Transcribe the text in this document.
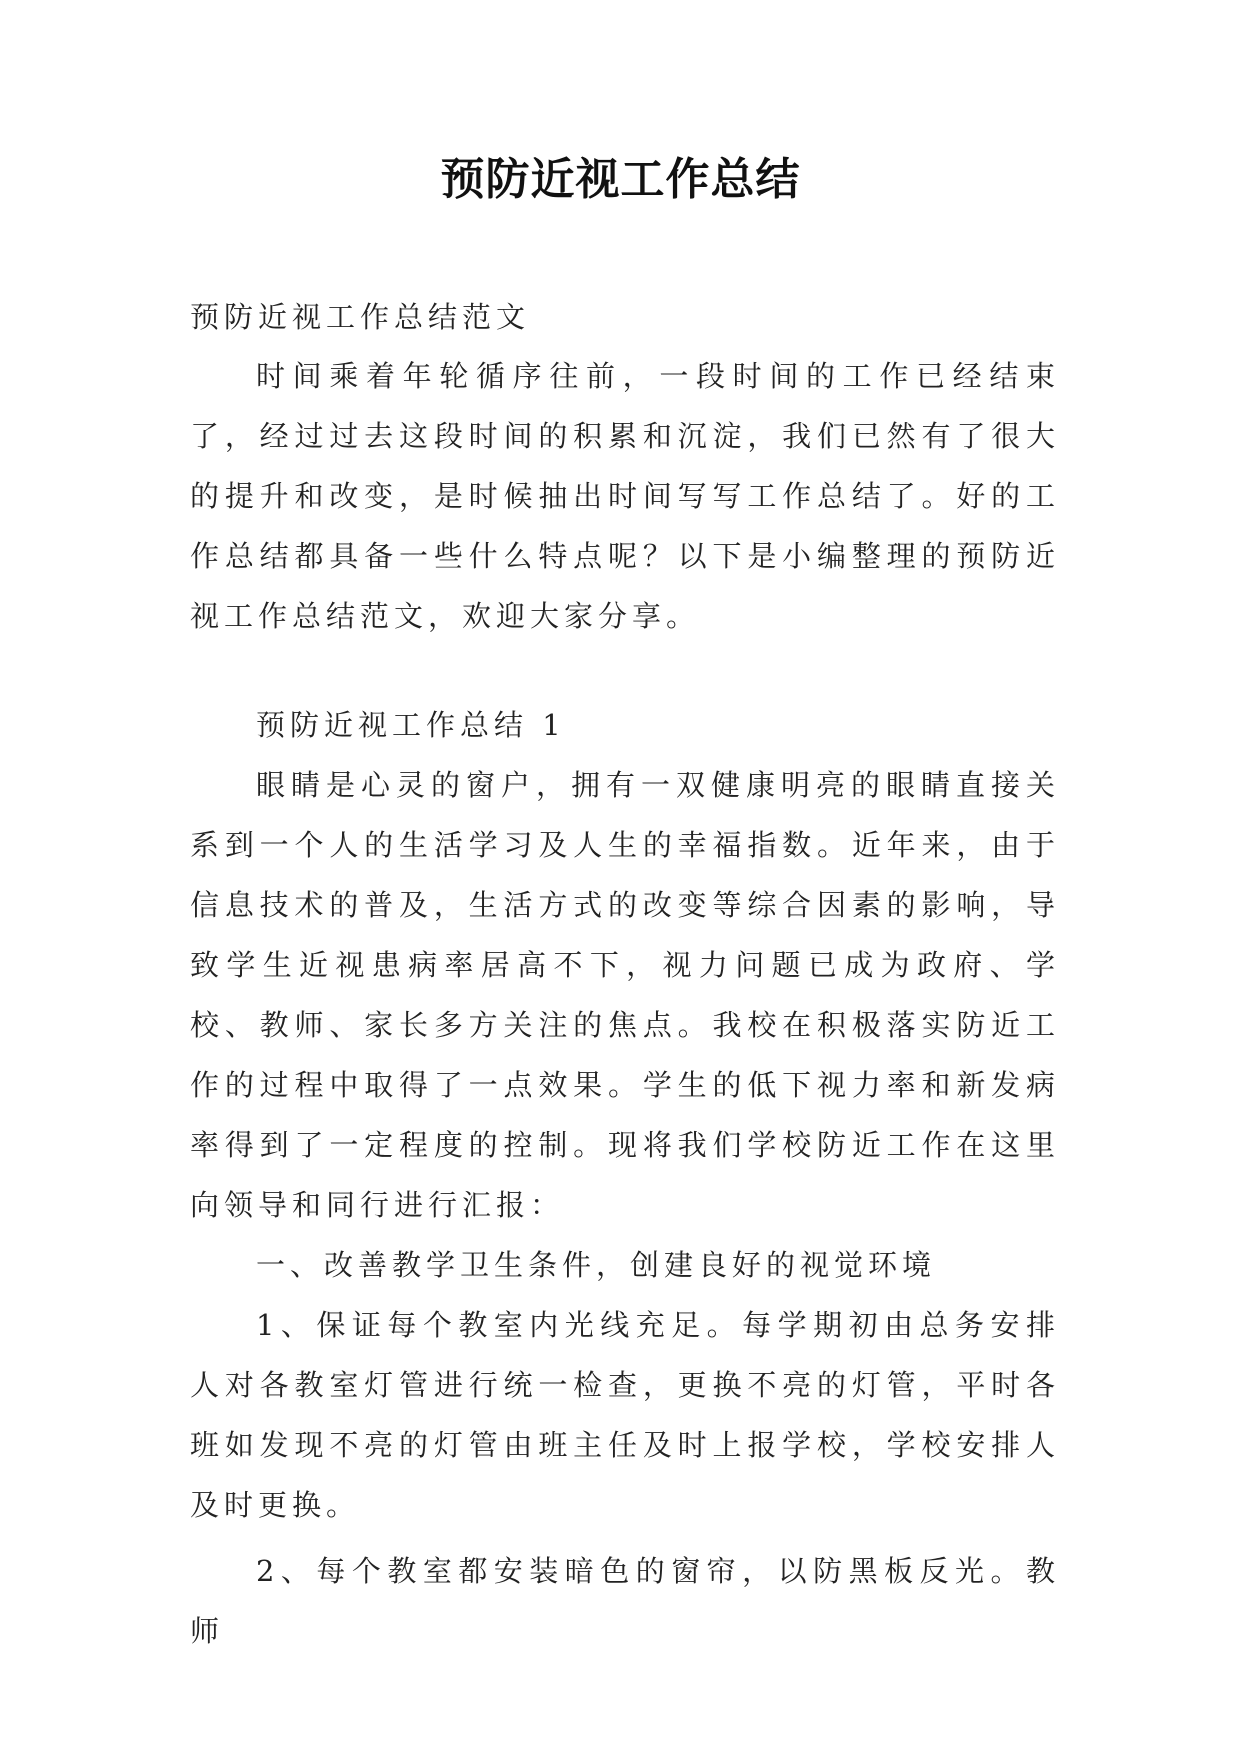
预防近视工作总结
预防近视工作总结范文

时间乘着年轮循序往前，一段时间的工作已经结束了，经过过去这段时间的积累和沉淀，我们已然有了很大的提升和改变，是时候抽出时间写写工作总结了。好的工作总结都具备一些什么特点呢？以下是小编整理的预防近视工作总结范文，欢迎大家分享。

预防近视工作总结 1

眼睛是心灵的窗户，拥有一双健康明亮的眼睛直接关系到一个人的生活学习及人生的幸福指数。近年来，由于信息技术的普及，生活方式的改变等综合因素的影响，导致学生近视患病率居高不下，视力问题已成为政府、学校、教师、家长多方关注的焦点。我校在积极落实防近工作的过程中取得了一点效果。学生的低下视力率和新发病率得到了一定程度的控制。现将我们学校防近工作在这里向领导和同行进行汇报：

一、改善教学卫生条件，创建良好的视觉环境

1、保证每个教室内光线充足。每学期初由总务安排人对各教室灯管进行统一检查，更换不亮的灯管，平时各班如发现不亮的灯管由班主任及时上报学校，学校安排人及时更换。

2、每个教室都安装暗色的窗帘，以防黑板反光。教师
